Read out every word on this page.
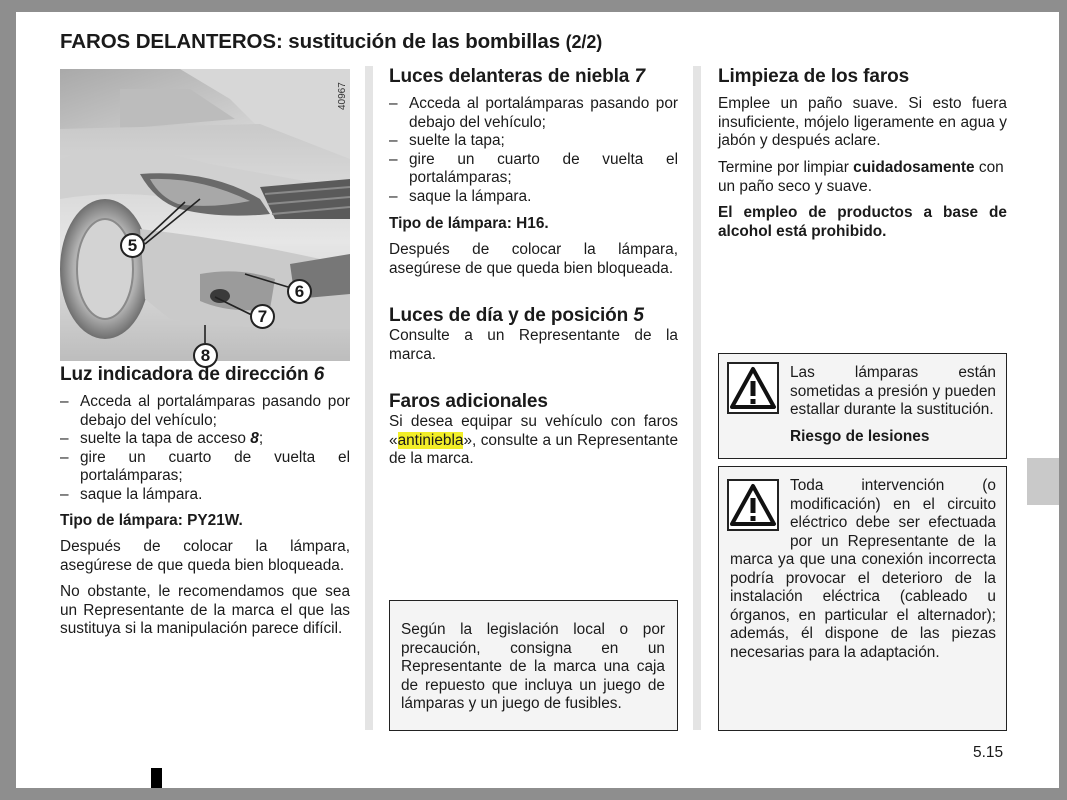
FAROS DELANTEROS: sustitución de las bombillas (2/2)
5
6
7
8
40967
Luz indicadora de dirección 6
– Acceda al portalámparas pasando por debajo del vehículo;
– suelte la tapa de acceso 8;
– gire un cuarto de vuelta el portalámparas;
– saque la lámpara.

Tipo de lámpara: PY21W.

Después de colocar la lámpara, asegúrese de que queda bien bloqueada.

No obstante, le recomendamos que sea un Representante de la marca el que las sustituya si la manipulación parece difícil.

Luces delanteras de niebla 7
– Acceda al portalámparas pasando por debajo del vehículo;
– suelte la tapa;
– gire un cuarto de vuelta el portalámparas;
– saque la lámpara.

Tipo de lámpara: H16.

Después de colocar la lámpara, asegúrese de que queda bien bloqueada.

Luces de día y de posición 5

Consulte a un Representante de la marca.

Faros adicionales

Si desea equipar su vehículo con faros «antiniebla», consulte a un Representante de la marca.

Según la legislación local o por precaución, consigna en un Representante de la marca una caja de repuesto que incluya un juego de lámparas y un juego de fusibles.

Limpieza de los faros

Emplee un paño suave. Si esto fuera insuficiente, mójelo ligeramente en agua y jabón y después aclare.

Termine por limpiar cuidadosamente con un paño seco y suave.

El empleo de productos a base de alcohol está prohibido.

Las lámparas están sometidas a presión y pueden estallar durante la sustitución.

Riesgo de lesiones

Toda intervención (o modificación) en el circuito eléctrico debe ser efectuada por un Representante de la marca ya que una conexión incorrecta podría provocar el deterioro de la instalación eléctrica (cableado u órganos, en particular el alternador); además, él dispone de las piezas necesarias para la adaptación.
5.15
